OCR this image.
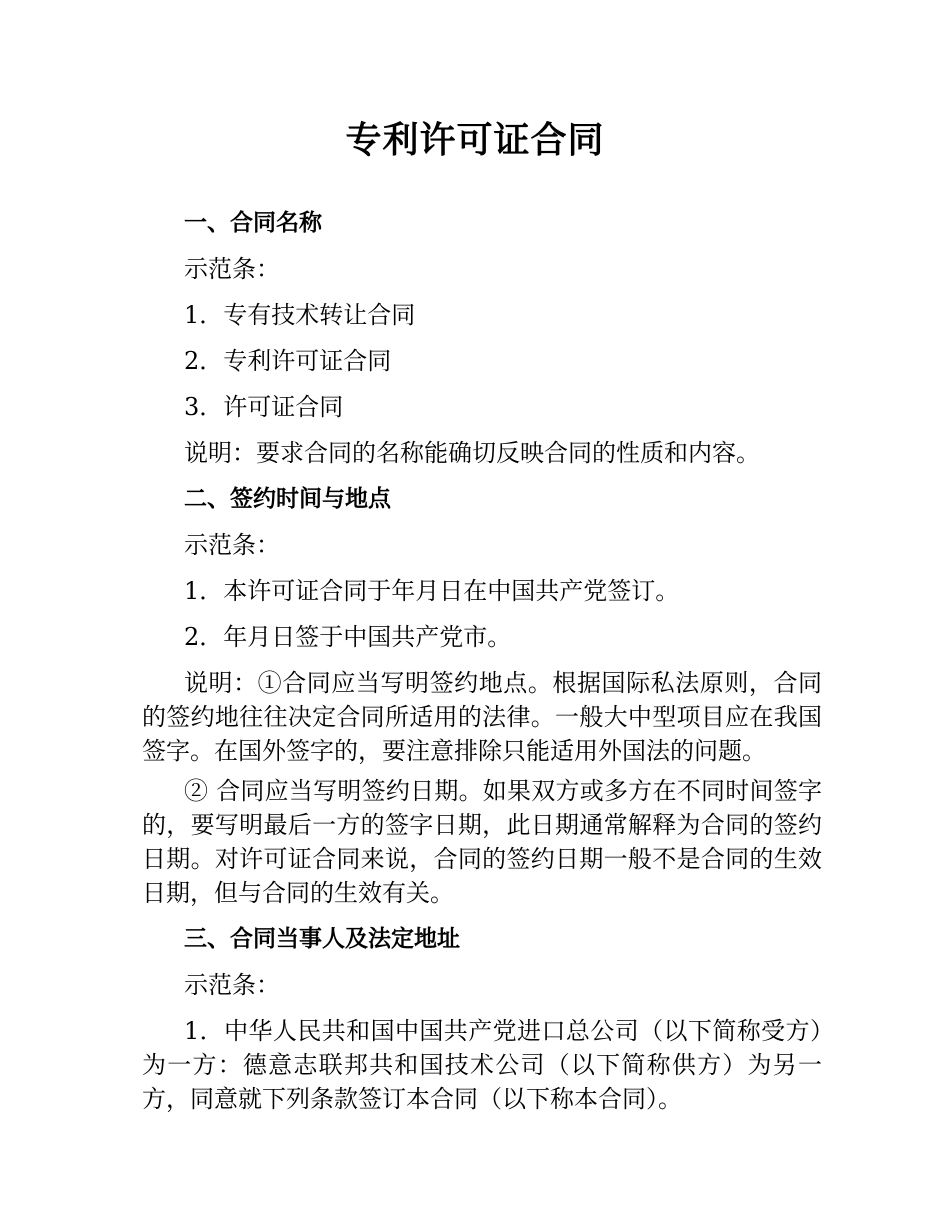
专利许可证合同
一、合同名称
示范条：
1．专有技术转让合同
2．专利许可证合同
3．许可证合同
说明：要求合同的名称能确切反映合同的性质和内容。
二、签约时间与地点
示范条：
1．本许可证合同于年月日在中国共产党签订。
2．年月日签于中国共产党市。
说明：①合同应当写明签约地点。根据国际私法原则，合同的签约地往往决定合同所适用的法律。一般大中型项目应在我国签字。在国外签字的，要注意排除只能适用外国法的问题。
② 合同应当写明签约日期。如果双方或多方在不同时间签字的，要写明最后一方的签字日期，此日期通常解释为合同的签约日期。对许可证合同来说，合同的签约日期一般不是合同的生效日期，但与合同的生效有关。
三、合同当事人及法定地址
示范条：
1．中华人民共和国中国共产党进口总公司（以下简称受方）为一方：德意志联邦共和国技术公司（以下简称供方）为另一方，同意就下列条款签订本合同（以下称本合同）。
